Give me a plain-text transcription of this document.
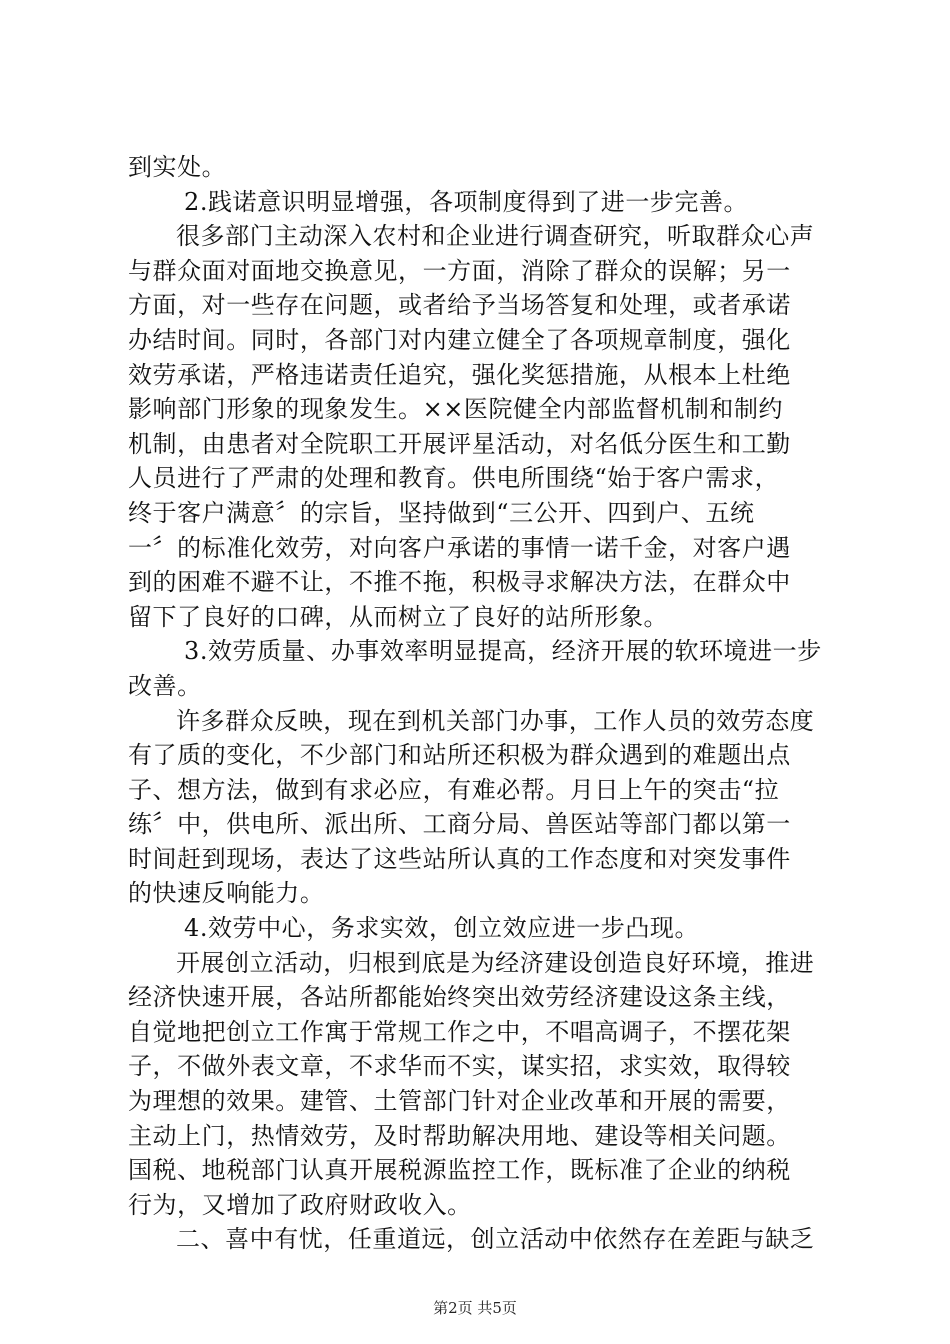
到实处。
2.践诺意识明显增强，各项制度得到了进一步完善。
很多部门主动深入农村和企业进行调查研究，听取群众心声
与群众面对面地交换意见，一方面，消除了群众的误解；另一
方面，对一些存在问题，或者给予当场答复和处理，或者承诺
办结时间。同时，各部门对内建立健全了各项规章制度，强化
效劳承诺，严格违诺责任追究，强化奖惩措施，从根本上杜绝
影响部门形象的现象发生。××医院健全内部监督机制和制约
机制，由患者对全院职工开展评星活动，对名低分医生和工勤
人员进行了严肃的处理和教育。供电所围绕“始于客户需求，
终于客户满意〞的宗旨，坚持做到“三公开、四到户、五统
一〞的标准化效劳，对向客户承诺的事情一诺千金，对客户遇
到的困难不避不让，不推不拖，积极寻求解决方法，在群众中
留下了良好的口碑，从而树立了良好的站所形象。
3.效劳质量、办事效率明显提高，经济开展的软环境进一步
改善。
许多群众反映，现在到机关部门办事，工作人员的效劳态度
有了质的变化，不少部门和站所还积极为群众遇到的难题出点
子、想方法，做到有求必应，有难必帮。月日上午的突击“拉
练〞中，供电所、派出所、工商分局、兽医站等部门都以第一
时间赶到现场，表达了这些站所认真的工作态度和对突发事件
的快速反响能力。
4.效劳中心，务求实效，创立效应进一步凸现。
开展创立活动，归根到底是为经济建设创造良好环境，推进
经济快速开展，各站所都能始终突出效劳经济建设这条主线，
自觉地把创立工作寓于常规工作之中，不唱高调子，不摆花架
子，不做外表文章，不求华而不实，谋实招，求实效，取得较
为理想的效果。建管、土管部门针对企业改革和开展的需要，
主动上门，热情效劳，及时帮助解决用地、建设等相关问题。
国税、地税部门认真开展税源监控工作，既标准了企业的纳税
行为，又增加了政府财政收入。
二、喜中有忧，任重道远，创立活动中依然存在差距与缺乏
第2页 共5页
